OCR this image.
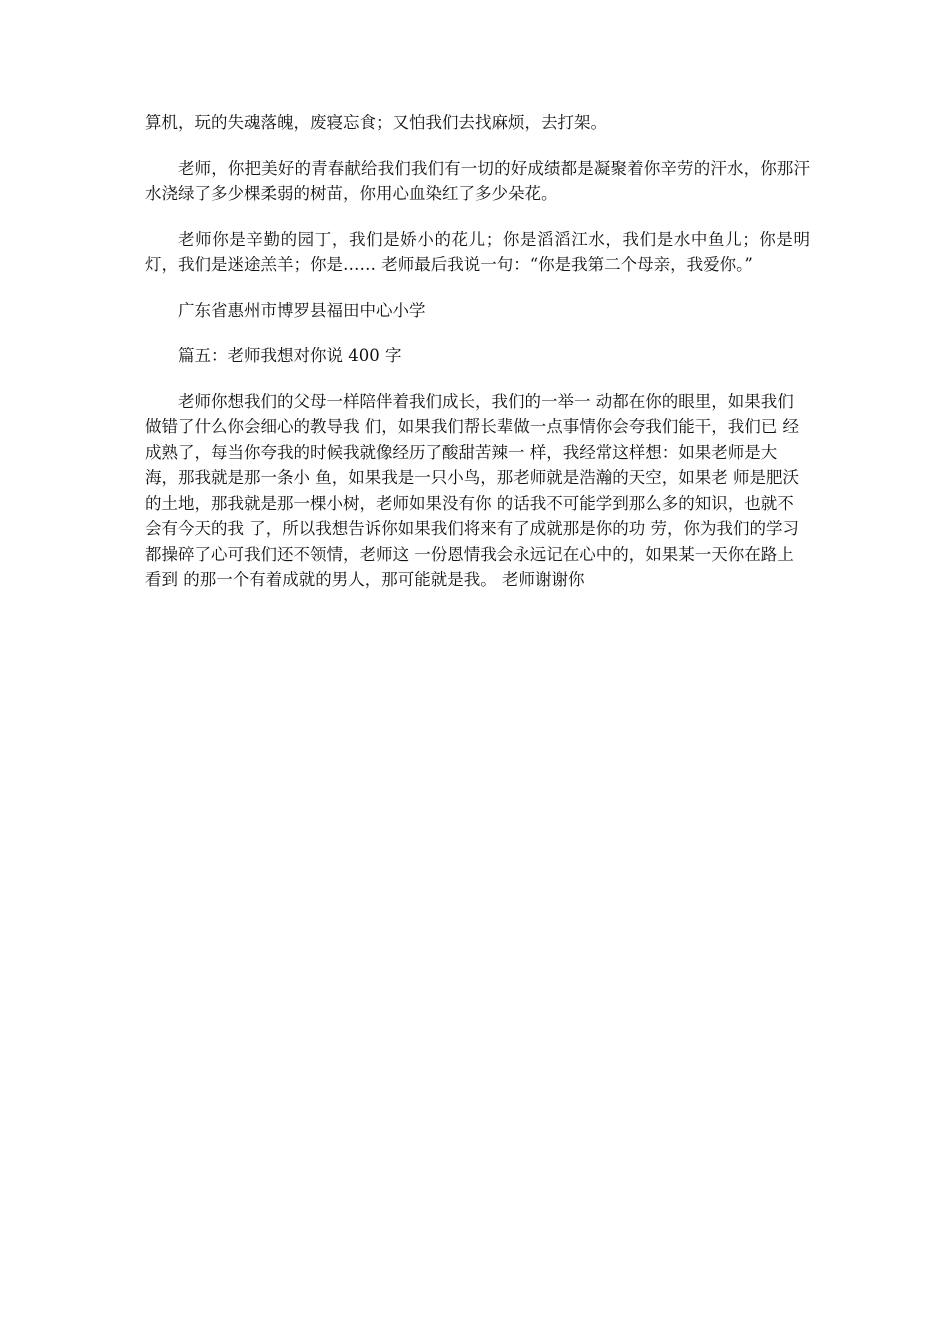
算机，玩的失魂落魄，废寝忘食；又怕我们去找麻烦，去打架。

老师，你把美好的青春献给我们我们有一切的好成绩都是凝聚着你辛劳的汗水，你那汗水浇绿了多少棵柔弱的树苗，你用心血染红了多少朵花。

老师你是辛勤的园丁，我们是娇小的花儿；你是滔滔江水，我们是水中鱼儿；你是明灯，我们是迷途羔羊；你是…… 老师最后我说一句：“你是我第二个母亲，我爱你。”

广东省惠州市博罗县福田中心小学

篇五：老师我想对你说 400 字

老师你想我们的父母一样陪伴着我们成长，我们的一举一 动都在你的眼里，如果我们做错了什么你会细心的教导我 们，如果我们帮长辈做一点事情你会夸我们能干，我们已 经成熟了，每当你夸我的时候我就像经历了酸甜苦辣一 样，我经常这样想：如果老师是大海，那我就是那一条小 鱼，如果我是一只小鸟，那老师就是浩瀚的天空，如果老 师是肥沃的土地，那我就是那一棵小树，老师如果没有你 的话我不可能学到那么多的知识，也就不会有今天的我 了，所以我想告诉你如果我们将来有了成就那是你的功 劳，你为我们的学习都操碎了心可我们还不领情，老师这 一份恩情我会永远记在心中的，如果某一天你在路上看到 的那一个有着成就的男人，那可能就是我。 老师谢谢你
